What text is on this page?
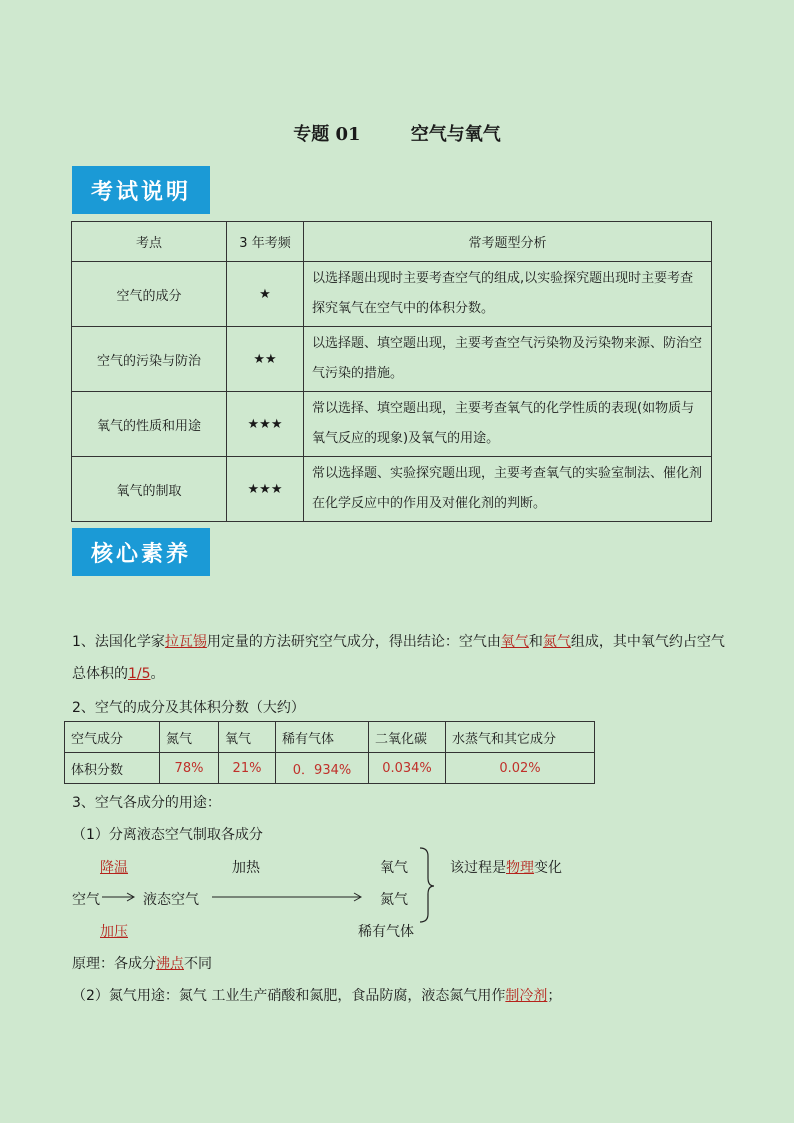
专题 01        空气与氧气
考试说明
考点	3 年考频	常考题型分析
空气的成分	★	以选择题出现时主要考查空气的组成,以实验探究题出现时主要考查探究氧气在空气中的体积分数。
空气的污染与防治	★★	以选择题、填空题出现，主要考查空气污染物及污染物来源、防治空气污染的措施。
氧气的性质和用途	★★★	常以选择、填空题出现，主要考查氧气的化学性质的表现(如物质与氧气反应的现象)及氧气的用途。
氧气的制取	★★★	常以选择题、实验探究题出现，主要考查氧气的实验室制法、催化剂在化学反应中的作用及对催化剂的判断。
核心素养
1、法国化学家拉瓦锡用定量的方法研究空气成分，得出结论：空气由氧气和氮气组成，其中氧气约占空气
总体积的1/5。
2、空气的成分及其体积分数（大约）
空气成分	氮气	氧气	稀有气体	二氧化碳	水蒸气和其它成分
体积分数	78%	21%	0．934%	0.034%	0.02%
3、空气各成分的用途：
（1）分离液态空气制取各成分
降温	加热	氧气
空气	液态空气	氮气
加压	稀有气体
该过程是物理变化
原理：各成分沸点不同
（2）氮气用途：氮气 工业生产硝酸和氮肥，食品防腐，液态氮气用作制冷剂；
